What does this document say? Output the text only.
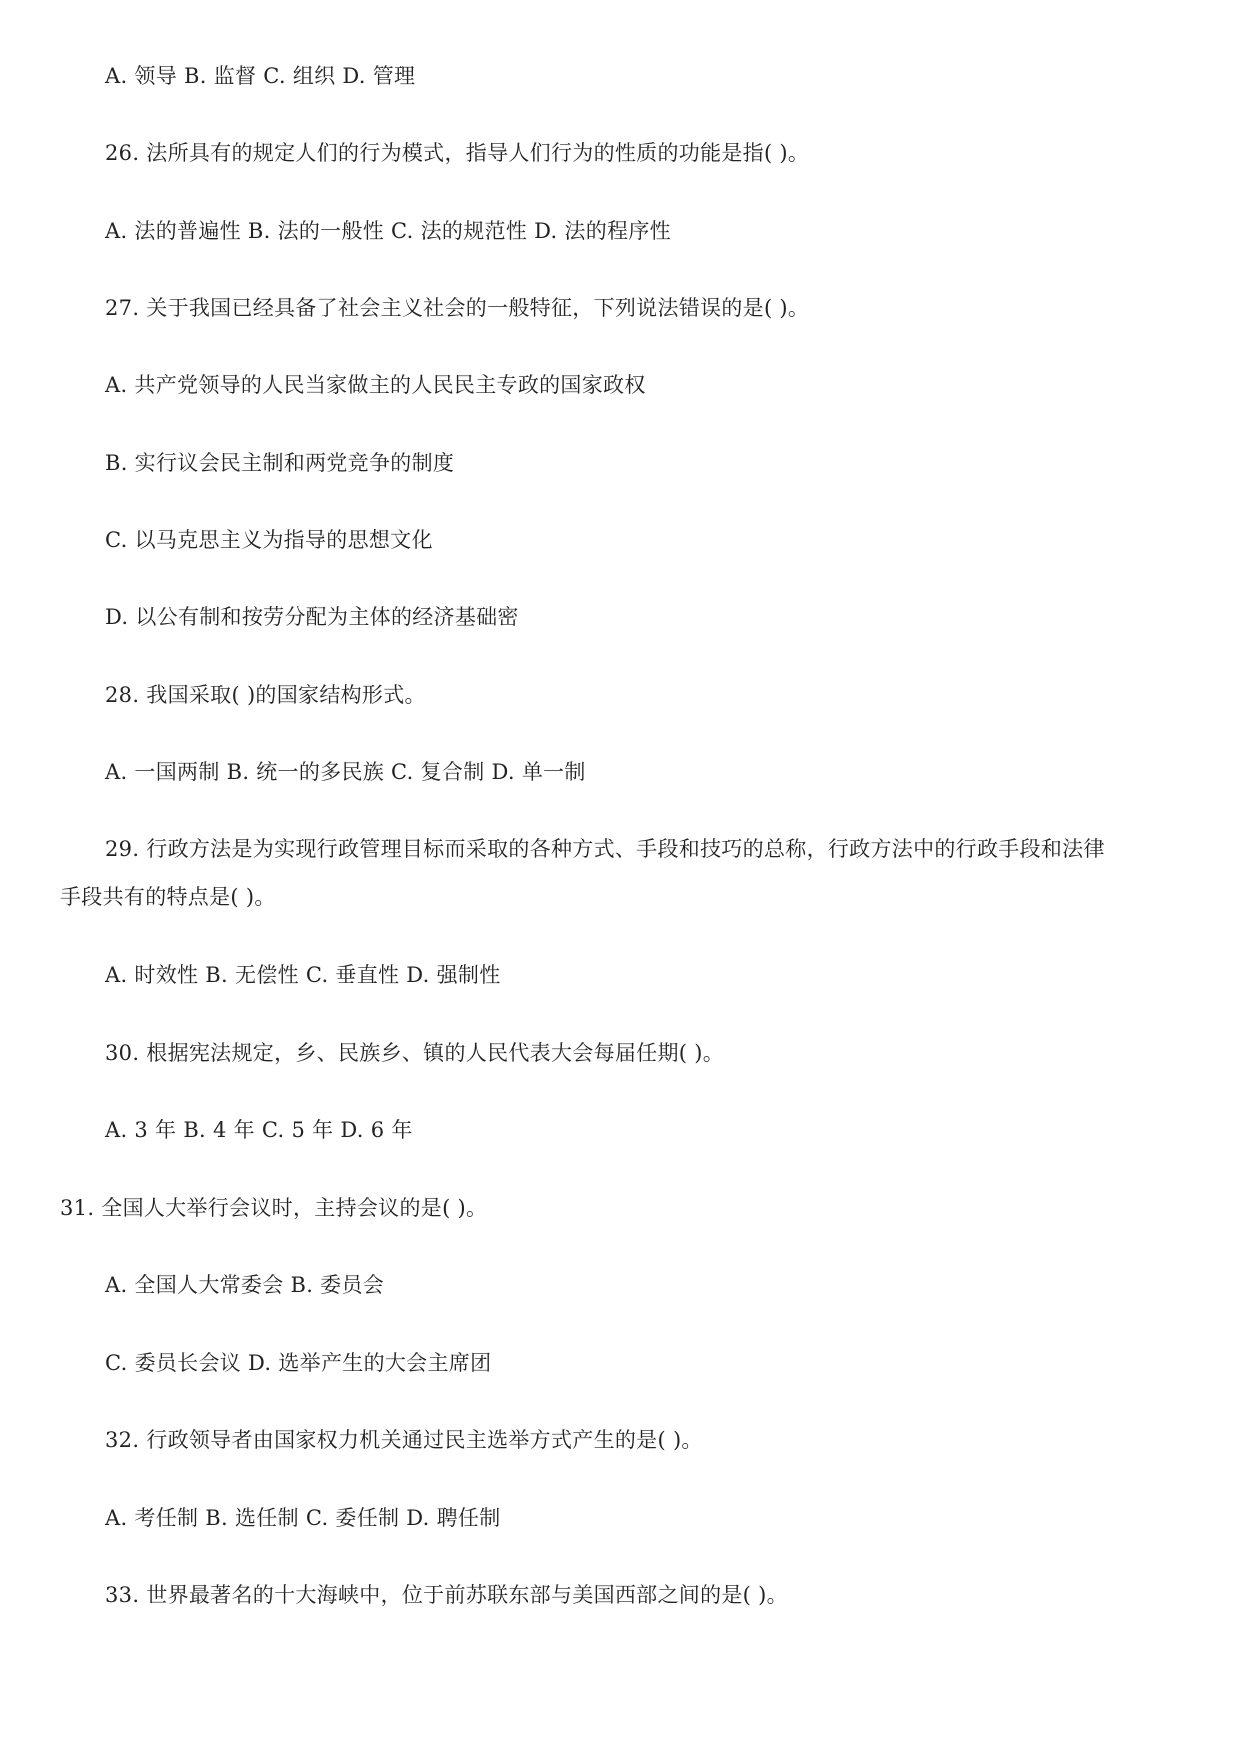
A. 领导 B. 监督 C. 组织 D. 管理
26. 法所具有的规定人们的行为模式，指导人们行为的性质的功能是指( )。
A. 法的普遍性 B. 法的一般性 C. 法的规范性 D. 法的程序性
27. 关于我国已经具备了社会主义社会的一般特征，下列说法错误的是( )。
A. 共产党领导的人民当家做主的人民民主专政的国家政权
B. 实行议会民主制和两党竞争的制度
C. 以马克思主义为指导的思想文化
D. 以公有制和按劳分配为主体的经济基础密
28. 我国采取( )的国家结构形式。
A. 一国两制 B. 统一的多民族 C. 复合制 D. 单一制
29. 行政方法是为实现行政管理目标而采取的各种方式、手段和技巧的总称，行政方法中的行政手段和法律
手段共有的特点是( )。
A. 时效性 B. 无偿性 C. 垂直性 D. 强制性
30. 根据宪法规定，乡、民族乡、镇的人民代表大会每届任期( )。
A. 3 年 B. 4 年 C. 5 年 D. 6 年
31. 全国人大举行会议时，主持会议的是( )。
A. 全国人大常委会 B. 委员会
C. 委员长会议 D. 选举产生的大会主席团
32. 行政领导者由国家权力机关通过民主选举方式产生的是( )。
A. 考任制 B. 选任制 C. 委任制 D. 聘任制
33. 世界最著名的十大海峡中，位于前苏联东部与美国西部之间的是( )。
